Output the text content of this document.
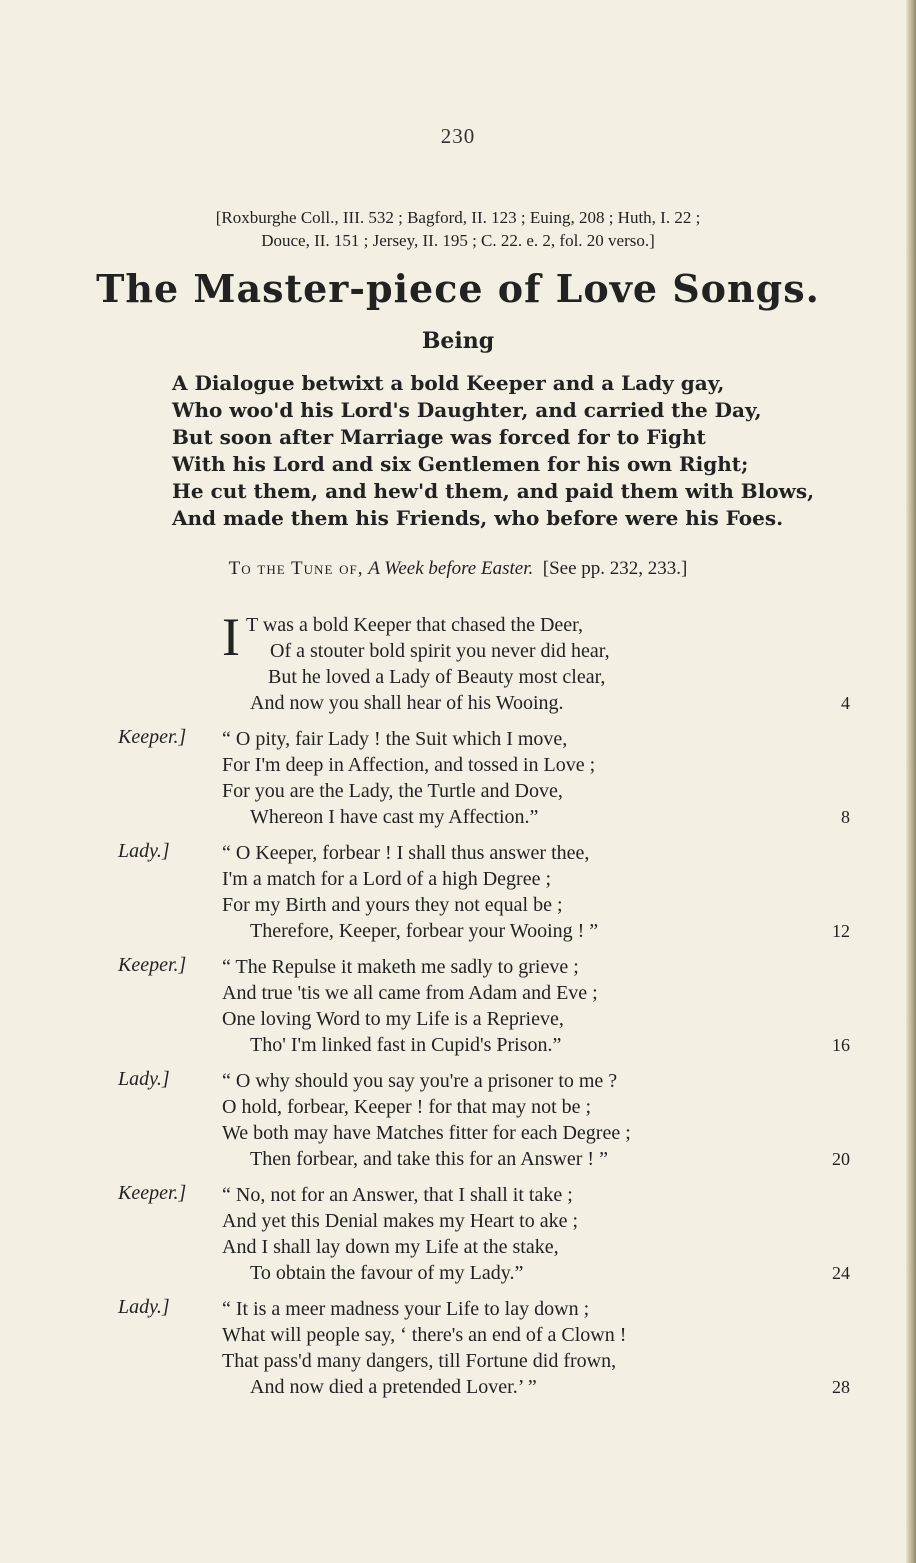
230
[Roxburghe Coll., III. 532 ; Bagford, II. 123 ; Euing, 208 ; Huth, I. 22 ;
Douce, II. 151 ; Jersey, II. 195 ; C. 22. e. 2, fol. 20 verso.]
The Master-piece of Love Songs.
Being
A Dialogue betwixt a bold Keeper and a Lady gay,
Who woo'd his Lord's Daughter, and carried the Day,
But soon after Marriage was forced for to Fight
With his Lord and six Gentlemen for his own Right;
He cut them, and hew'd them, and paid them with Blows,
And made them his Friends, who before were his Foes.
To the Tune of, A Week before Easter. [See pp. 232, 233.]
I T was a bold Keeper that chased the Deer,
Of a stouter bold spirit you never did hear,
But he loved a Lady of Beauty most clear,
And now you shall hear of his Wooing.	4
Keeper.] “ O pity, fair Lady ! the Suit which I move,
For I'm deep in Affection, and tossed in Love ;
For you are the Lady, the Turtle and Dove,
Whereon I have cast my Affection.”	8
Lady.]	“ O Keeper, forbear ! I shall thus answer thee,
I'm a match for a Lord of a high Degree ;
For my Birth and yours they not equal be ;
Therefore, Keeper, forbear your Wooing ! ”	12
Keeper.] “ The Repulse it maketh me sadly to grieve ;
And true 'tis we all came from Adam and Eve ;
One loving Word to my Life is a Reprieve,
Tho' I'm linked fast in Cupid's Prison.”	16
Lady.]	“ O why should you say you're a prisoner to me ?
O hold, forbear, Keeper ! for that may not be ;
We both may have Matches fitter for each Degree ;
Then forbear, and take this for an Answer ! ”	20
Keeper.] “ No, not for an Answer, that I shall it take ;
And yet this Denial makes my Heart to ake ;
And I shall lay down my Life at the stake,
To obtain the favour of my Lady.”	24
Lady.]	“ It is a meer madness your Life to lay down ;
What will people say, ‘ there's an end of a Clown !
That pass'd many dangers, till Fortune did frown,
And now died a pretended Lover.’ ”	28
